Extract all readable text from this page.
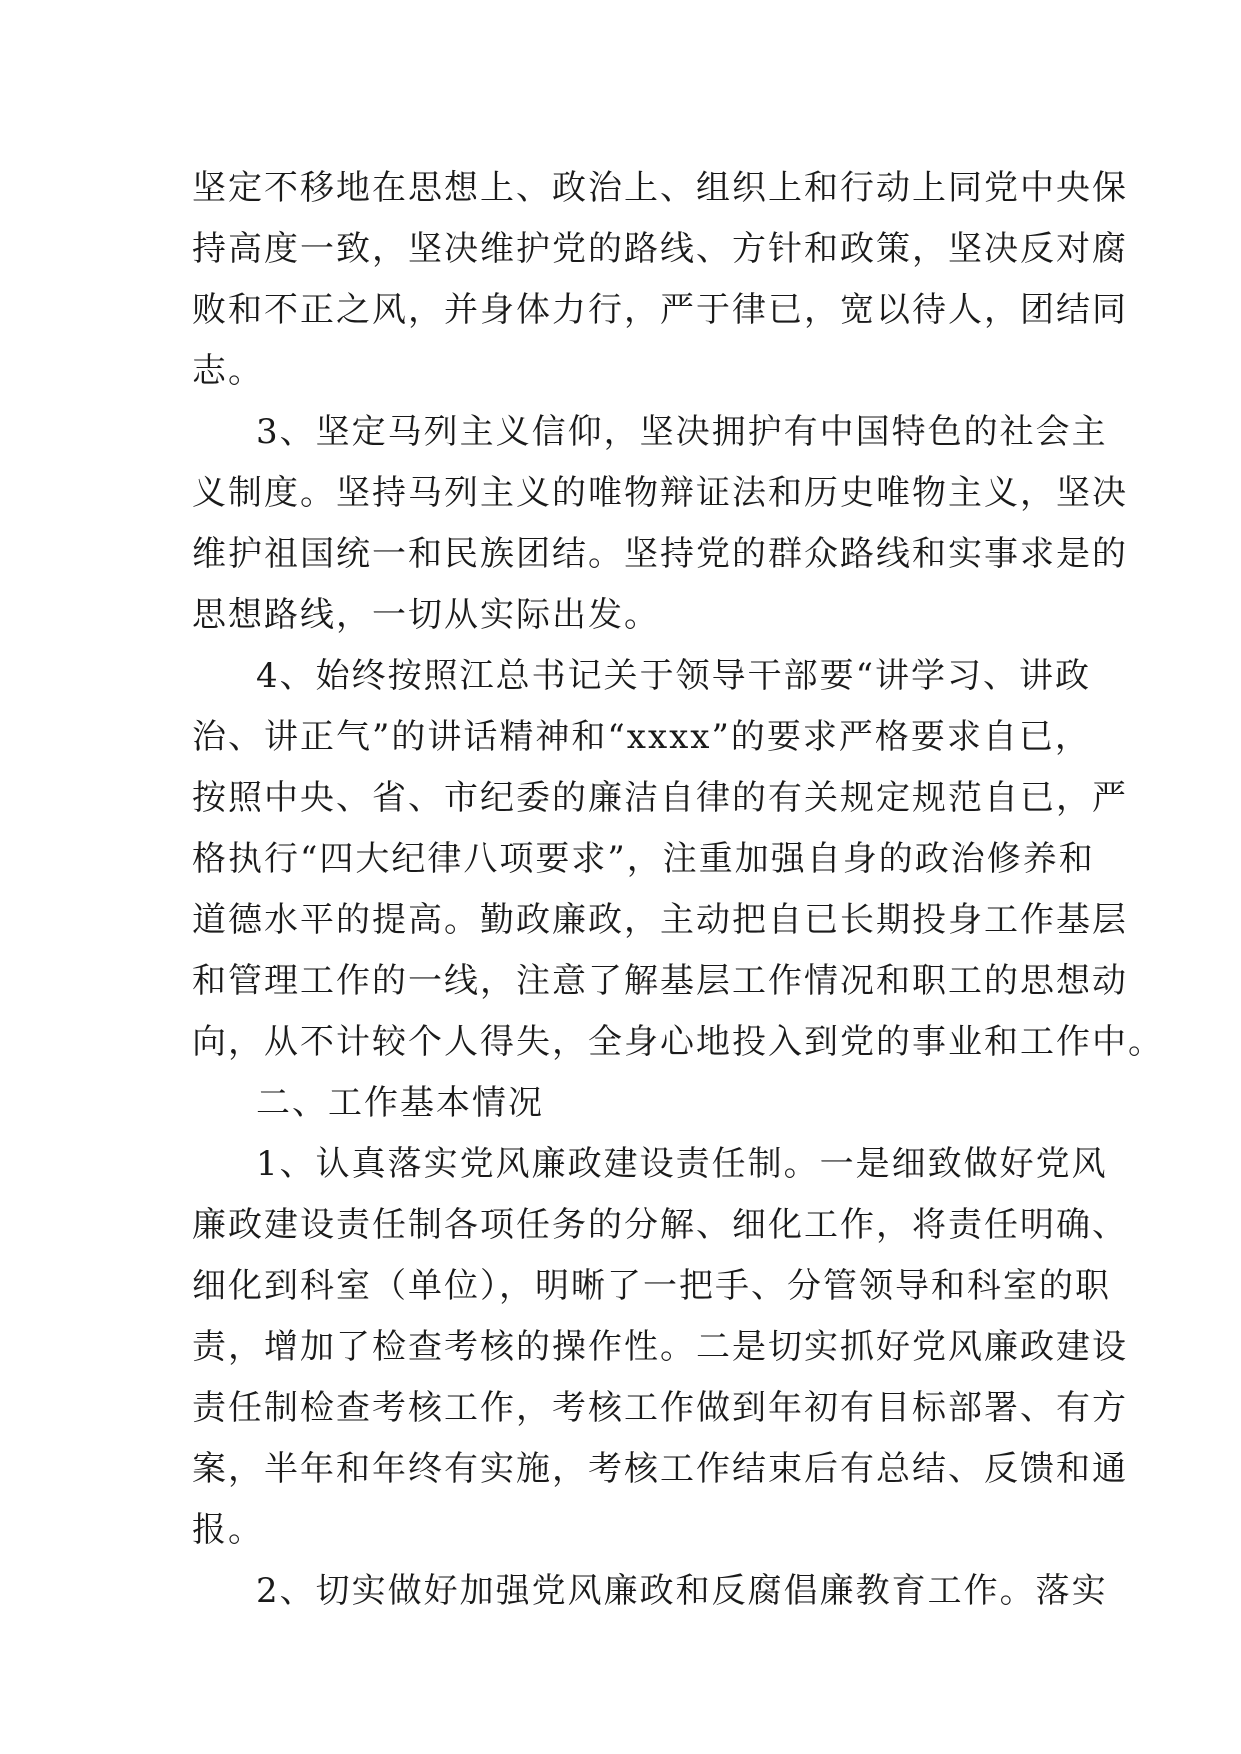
坚定不移地在思想上、政治上、组织上和行动上同党中央保
持高度一致，坚决维护党的路线、方针和政策，坚决反对腐
败和不正之风，并身体力行，严于律已，宽以待人，团结同
志。
3、坚定马列主义信仰，坚决拥护有中国特色的社会主
义制度。坚持马列主义的唯物辩证法和历史唯物主义，坚决
维护祖国统一和民族团结。坚持党的群众路线和实事求是的
思想路线，一切从实际出发。
4、始终按照江总书记关于领导干部要“讲学习、讲政
治、讲正气”的讲话精神和“xxxx”的要求严格要求自已，
按照中央、省、市纪委的廉洁自律的有关规定规范自已，严
格执行“四大纪律八项要求”，注重加强自身的政治修养和
道德水平的提高。勤政廉政，主动把自已长期投身工作基层
和管理工作的一线，注意了解基层工作情况和职工的思想动
向，从不计较个人得失，全身心地投入到党的事业和工作中。
二、工作基本情况
1、认真落实党风廉政建设责任制。一是细致做好党风
廉政建设责任制各项任务的分解、细化工作，将责任明确、
细化到科室（单位），明晰了一把手、分管领导和科室的职
责，增加了检查考核的操作性。二是切实抓好党风廉政建设
责任制检查考核工作，考核工作做到年初有目标部署、有方
案，半年和年终有实施，考核工作结束后有总结、反馈和通
报。
2、切实做好加强党风廉政和反腐倡廉教育工作。落实
